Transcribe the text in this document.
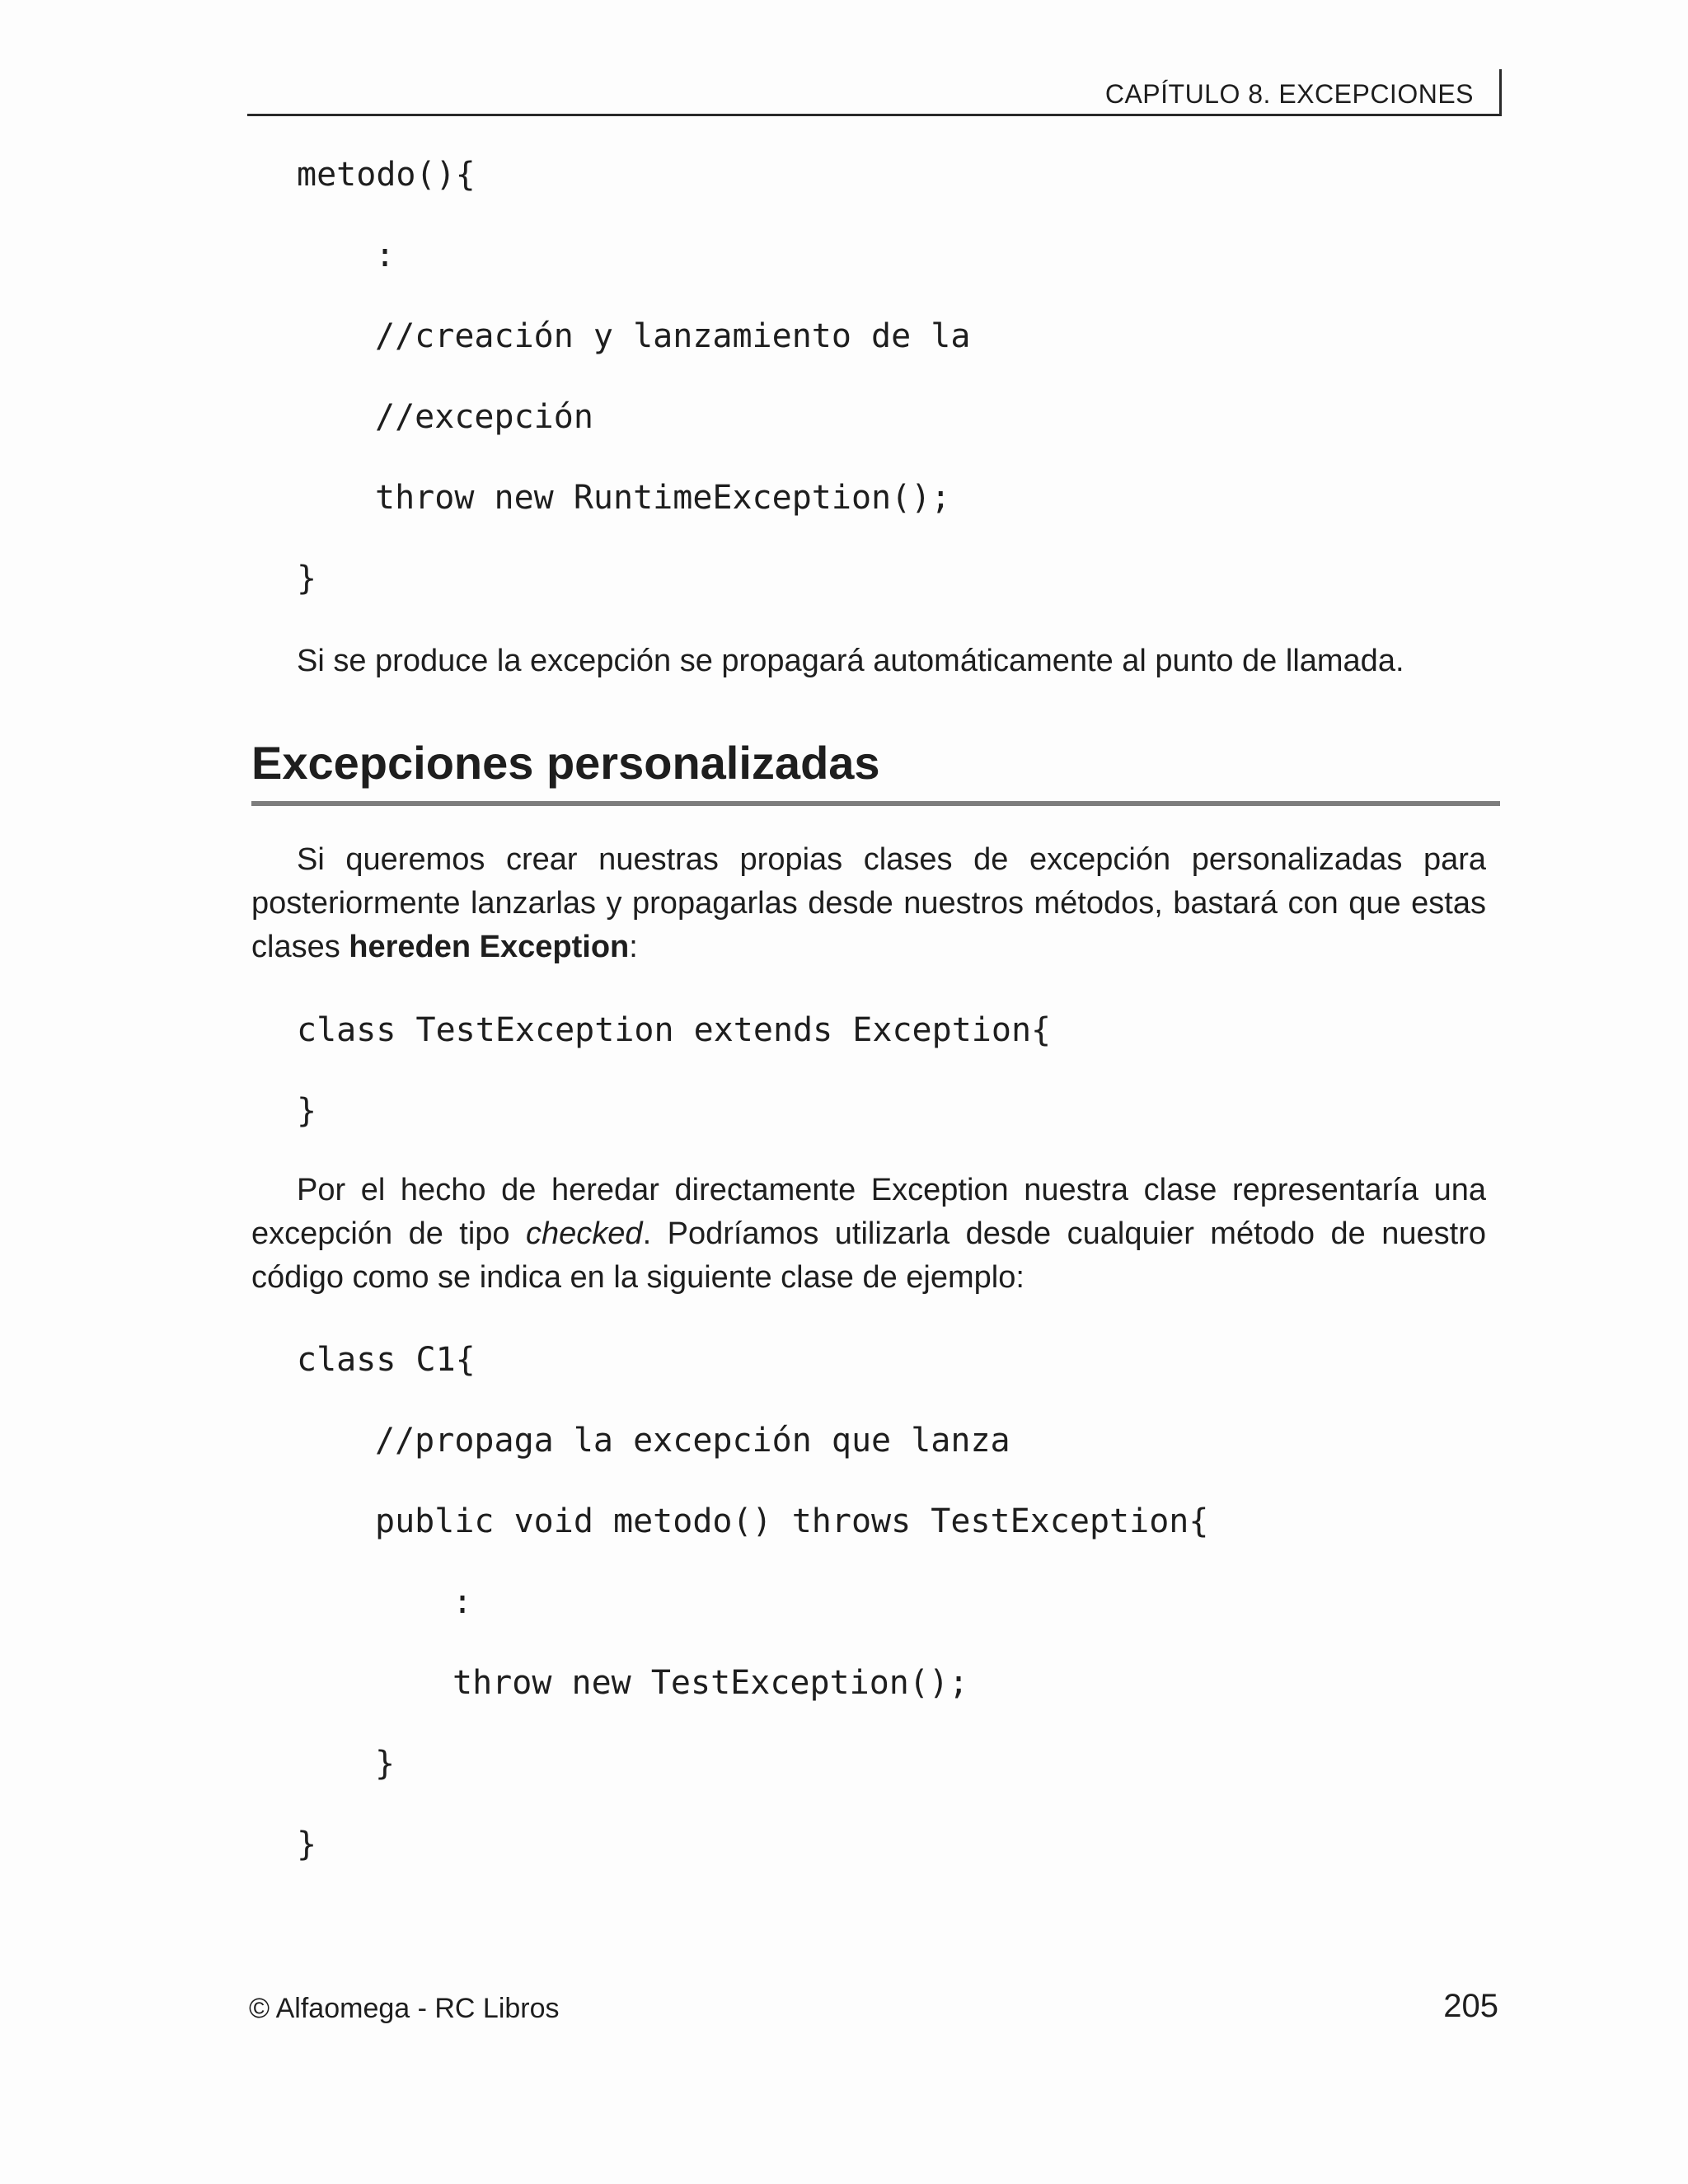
CAPÍTULO 8. EXCEPCIONES
metodo(){
:
//creación y lanzamiento de la
//excepción
throw new RuntimeException();
}
Si se produce la excepción se propagará automáticamente al punto de llamada.
Excepciones personalizadas
Si queremos crear nuestras propias clases de excepción personalizadas para posteriormente lanzarlas y propagarlas desde nuestros métodos, bastará con que estas clases hereden Exception:
class TestException extends Exception{
}
Por el hecho de heredar directamente Exception nuestra clase representaría una excepción de tipo checked. Podríamos utilizarla desde cualquier método de nuestro código como se indica en la siguiente clase de ejemplo:
class C1{
//propaga la excepción que lanza
public void metodo() throws TestException{
:
throw new TestException();
}
}
© Alfaomega - RC Libros	205
